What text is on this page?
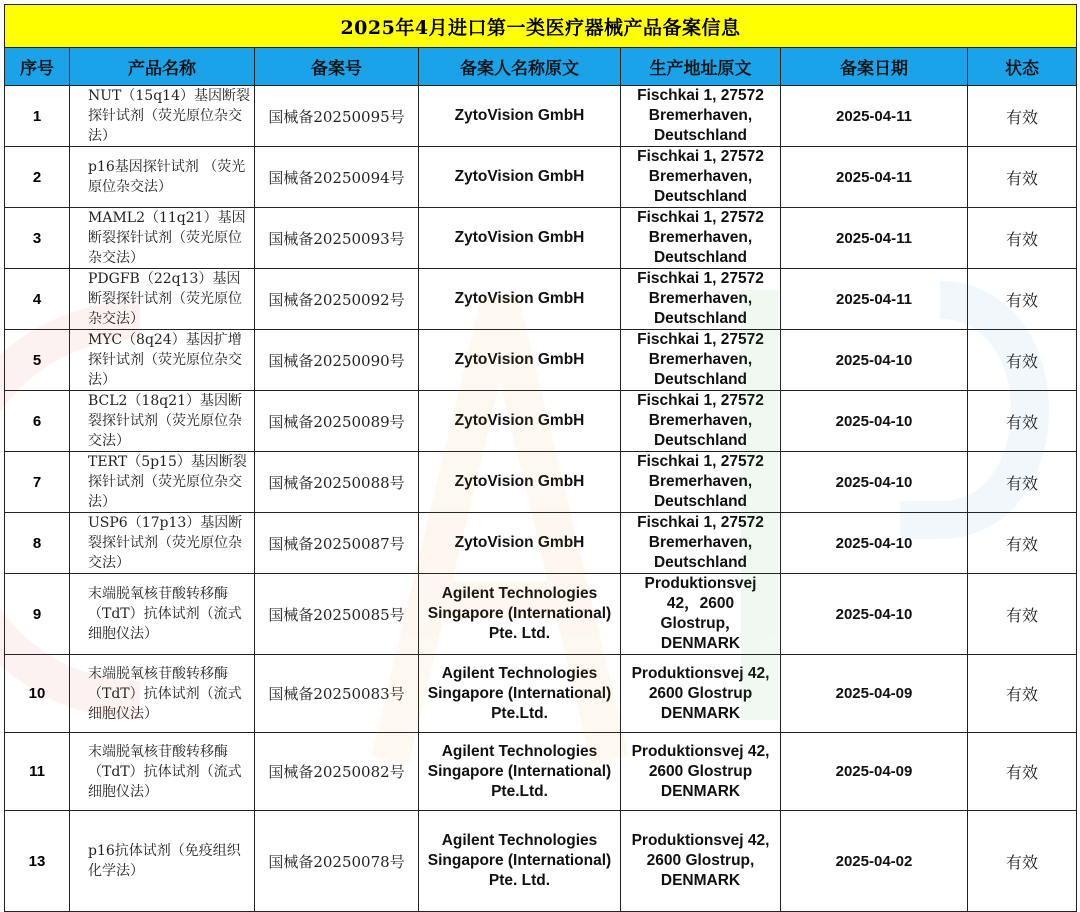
2025年4月进口第一类医疗器械产品备案信息						
序号	产品名称	备案号	备案人名称原文	生产地址原文	备案日期	状态
1	NUT（15q14）基因断裂探针试剂（荧光原位杂交法）	国械备20250095号	ZytoVision GmbH	Fischkai 1, 27572
Bremerhaven,
Deutschland	2025-04-11	有效
2	p16基因探针试剂 （荧光原位杂交法）	国械备20250094号	ZytoVision GmbH	Fischkai 1, 27572
Bremerhaven,
Deutschland	2025-04-11	有效
3	MAML2（11q21）基因断裂探针试剂（荧光原位杂交法）	国械备20250093号	ZytoVision GmbH	Fischkai 1, 27572
Bremerhaven,
Deutschland	2025-04-11	有效
4	PDGFB（22q13）基因断裂探针试剂（荧光原位杂交法）	国械备20250092号	ZytoVision GmbH	Fischkai 1, 27572
Bremerhaven,
Deutschland	2025-04-11	有效
5	MYC（8q24）基因扩增探针试剂（荧光原位杂交法）	国械备20250090号	ZytoVision GmbH	Fischkai 1, 27572
Bremerhaven,
Deutschland	2025-04-10	有效
6	BCL2（18q21）基因断裂探针试剂（荧光原位杂交法）	国械备20250089号	ZytoVision GmbH	Fischkai 1, 27572
Bremerhaven,
Deutschland	2025-04-10	有效
7	TERT（5p15）基因断裂探针试剂（荧光原位杂交法）	国械备20250088号	ZytoVision GmbH	Fischkai 1, 27572
Bremerhaven,
Deutschland	2025-04-10	有效
8	USP6（17p13）基因断裂探针试剂（荧光原位杂交法）	国械备20250087号	ZytoVision GmbH	Fischkai 1, 27572
Bremerhaven,
Deutschland	2025-04-10	有效
9	末端脱氧核苷酸转移酶（TdT）抗体试剂（流式细胞仪法）	国械备20250085号	Agilent Technologies Singapore (International) Pte. Ltd.	Produktionsvej
42，2600
Glostrup，
DENMARK	2025-04-10	有效
10	末端脱氧核苷酸转移酶（TdT）抗体试剂（流式细胞仪法）	国械备20250083号	Agilent Technologies Singapore (International) Pte.Ltd.	Produktionsvej 42,
2600 Glostrup
DENMARK	2025-04-09	有效
11	末端脱氧核苷酸转移酶（TdT）抗体试剂（流式细胞仪法）	国械备20250082号	Agilent Technologies Singapore (International) Pte.Ltd.	Produktionsvej 42,
2600 Glostrup
DENMARK	2025-04-09	有效
13	p16抗体试剂（免疫组织化学法）	国械备20250078号	Agilent Technologies Singapore (International) Pte. Ltd.	Produktionsvej 42,
2600 Glostrup,
DENMARK	2025-04-02	有效
